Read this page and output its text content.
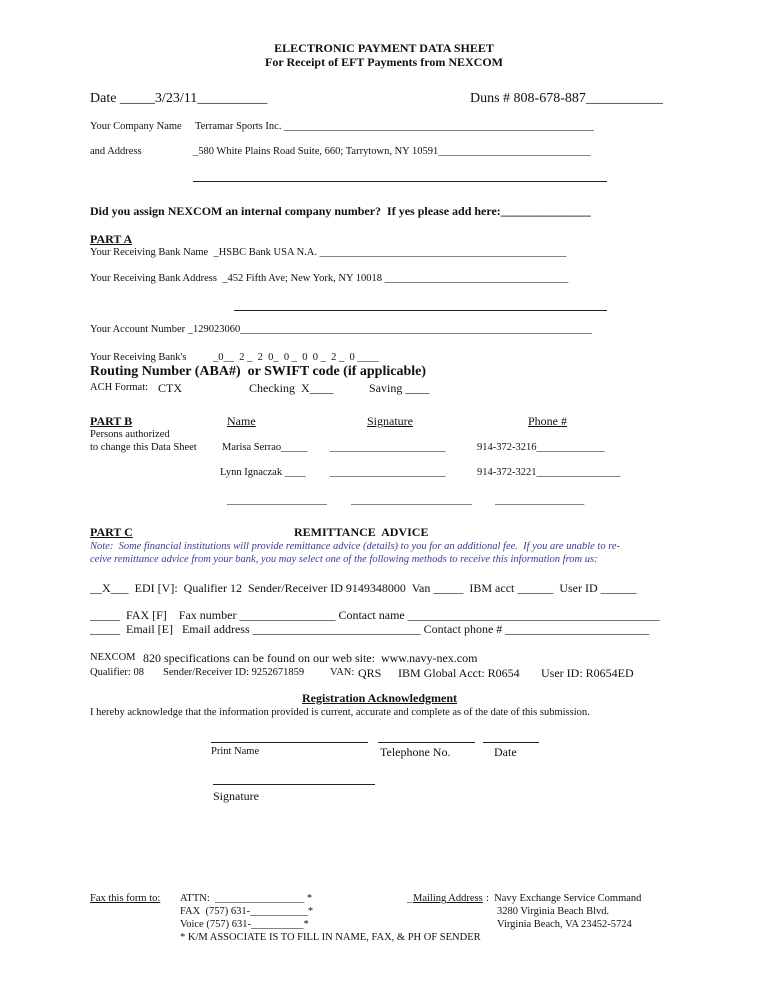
ELECTRONIC PAYMENT DATA SHEET
For Receipt of EFT Payments from NEXCOM
Date _____3/23/11__________	Duns # 808-678-887___________
Your Company Name Terramar Sports Inc. ___________________________________________________________
and Address	_580 White Plains Road Suite, 660; Tarrytown, NY 10591_____________________________
Did you assign NEXCOM an internal company number?  If yes please add here:_______________
PART A
Your Receiving Bank Name  _HSBC Bank USA N.A. _______________________________________________
Your Receiving Bank Address  _452 Fifth Ave; New York, NY 10018 ___________________________________
Your Account Number _129023060___________________________________________________________________
Your Receiving Bank's	_0__  2 _  2  0_  0 _  0  0 _  2 _  0 ____
Routing Number (ABA#)  or SWIFT code (if applicable)
ACH Format: CTX	Checking  X____	Saving ____
PART B	Name	Signature	Phone #
Persons authorized
to change this Data Sheet Marisa Serrao_____ ______________________	914-372-3216_____________
Lynn Ignaczak ____ ______________________	914-372-3221________________
___________________ _______________________ _________________
PART C	REMITTANCE  ADVICE
Note:  Some financial institutions will provide remittance advice (details) to you for an additional fee.  If you are unable to re-
ceive remittance advice from your bank, you may select one of the following methods to receive this information from us:
__X___  EDI [V]:  Qualifier 12  Sender/Receiver ID 9149348000  Van _____  IBM acct ______  User ID ______
_____  FAX [F]    Fax number ________________ Contact name __________________________________________
_____  Email [E]   Email address ____________________________ Contact phone # ________________________
NEXCOM 820 specifications can be found on our web site:  www.navy-nex.com
Qualifier: 08 Sender/Receiver ID: 9252671859 VAN: QRS IBM Global Acct: R0654 User ID: R0654ED
Registration Acknowledgment
I hereby acknowledge that the information provided is current, accurate and complete as of the date of this submission.
Print Name	Telephone No.	Date
Signature
Fax this form to: ATTN:  _________________ *
FAX  (757) 631-___________*
Voice (757) 631-__________*
* K/M ASSOCIATE IS TO FILL IN NAME, FAX, & PH OF SENDER
_ Mailing Address :  Navy Exchange Service Command
3280 Virginia Beach Blvd.
Virginia Beach, VA 23452-5724
